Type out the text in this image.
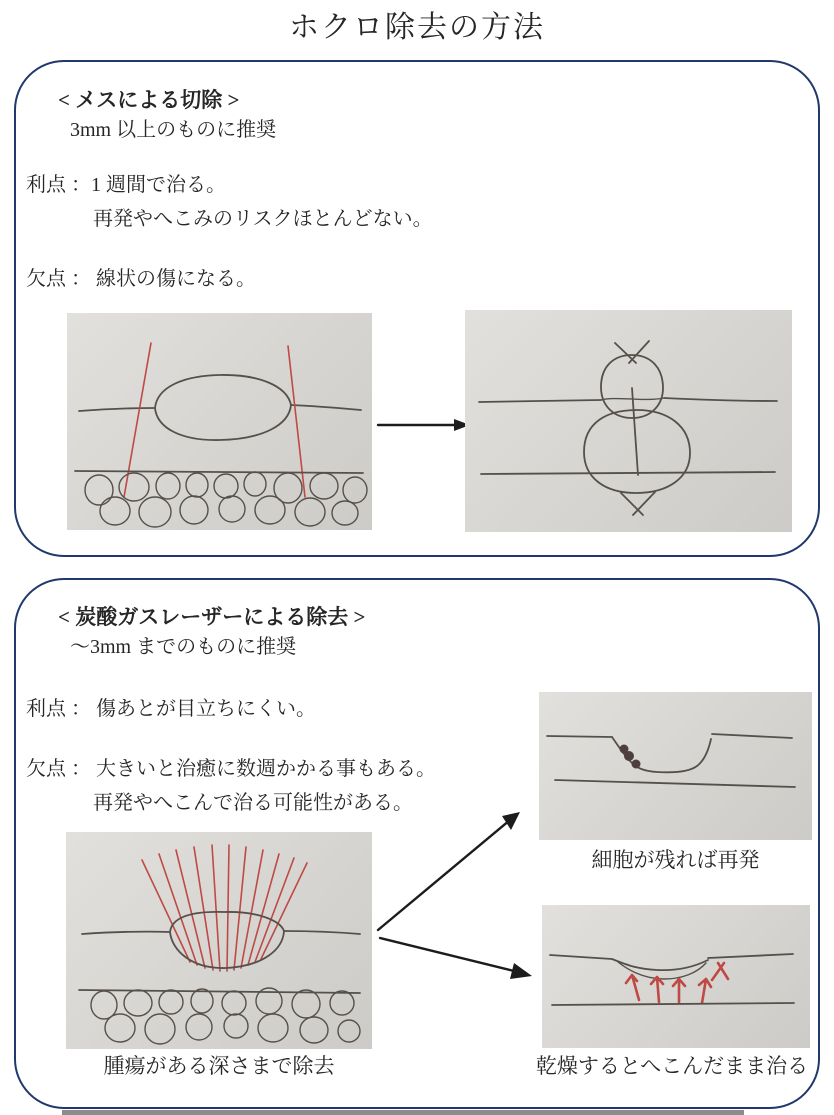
ホクロ除去の方法
< メスによる切除 >
3mm 以上のものに推奨
利点 ：1 週間で治る。
再発やへこみのリスクほとんどない。
欠点 ： 線状の傷になる。
< 炭酸ガスレーザーによる除去 >
～3mm までのものに推奨
利点 ： 傷あとが目立ちにくい。
欠点 ： 大きいと治癒に数週かかる事もある。
再発やへこんで治る可能性がある。
腫瘍がある深さまで除去
細胞が残れば再発
乾燥するとへこんだまま治る
